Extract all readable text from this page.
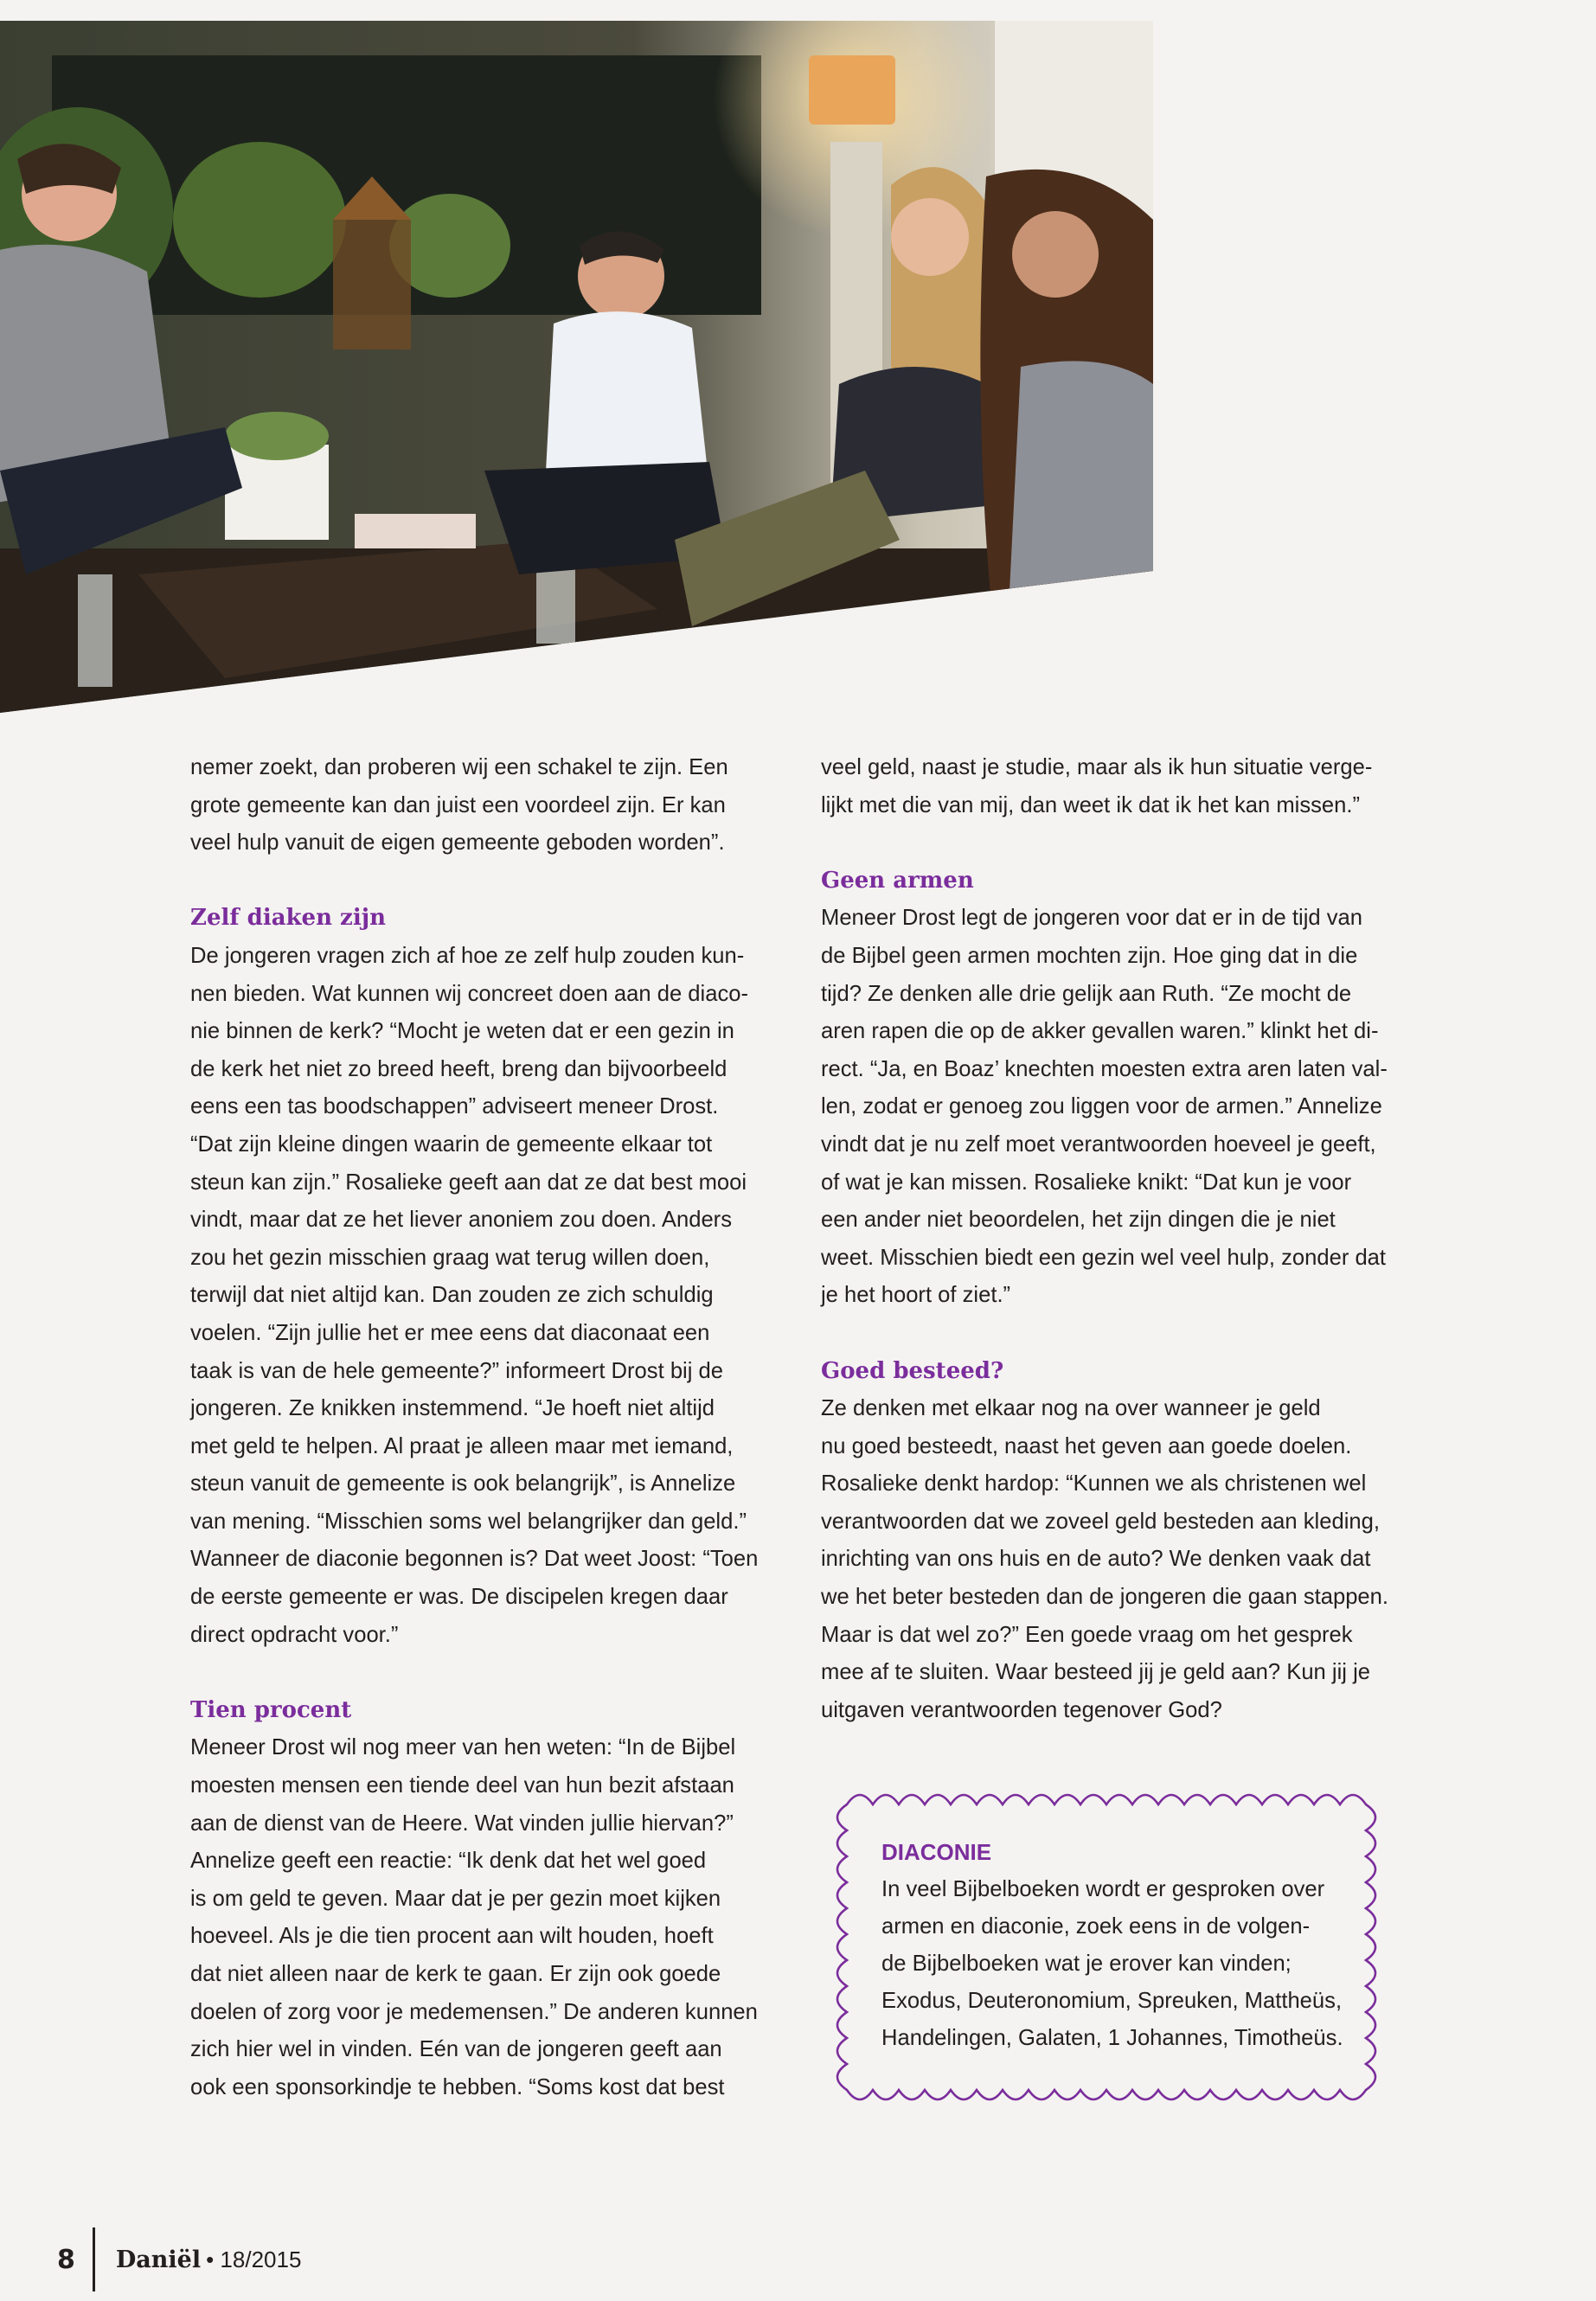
nemer zoekt, dan proberen wij een schakel te zijn. Een

grote gemeente kan dan juist een voordeel zijn. Er kan

veel hulp vanuit de eigen gemeente geboden worden”.

Zelf diaken zijn

De jongeren vragen zich af hoe ze zelf hulp zouden kun-

nen bieden. Wat kunnen wij concreet doen aan de diaco-

nie binnen de kerk? “Mocht je weten dat er een gezin in

de kerk het niet zo breed heeft, breng dan bijvoorbeeld

eens een tas boodschappen” adviseert meneer Drost.

“Dat zijn kleine dingen waarin de gemeente elkaar tot

steun kan zijn.” Rosalieke geeft aan dat ze dat best mooi

vindt, maar dat ze het liever anoniem zou doen. Anders

zou het gezin misschien graag wat terug willen doen,

terwijl dat niet altijd kan. Dan zouden ze zich schuldig

voelen. “Zijn jullie het er mee eens dat diaconaat een

taak is van de hele gemeente?” informeert Drost bij de

jongeren. Ze knikken instemmend. “Je hoeft niet altijd

met geld te helpen. Al praat je alleen maar met iemand,

steun vanuit de gemeente is ook belangrijk”, is Annelize

van mening. “Misschien soms wel belangrijker dan geld.”

Wanneer de diaconie begonnen is? Dat weet Joost: “Toen

de eerste gemeente er was. De discipelen kregen daar

direct opdracht voor.”

Tien procent

Meneer Drost wil nog meer van hen weten: “In de Bijbel

moesten mensen een tiende deel van hun bezit afstaan

aan de dienst van de Heere. Wat vinden jullie hiervan?”

Annelize geeft een reactie: “Ik denk dat het wel goed

is om geld te geven. Maar dat je per gezin moet kijken

hoeveel. Als je die tien procent aan wilt houden, hoeft

dat niet alleen naar de kerk te gaan. Er zijn ook goede

doelen of zorg voor je medemensen.” De anderen kunnen

zich hier wel in vinden. Eén van de jongeren geeft aan

ook een sponsorkindje te hebben. “Soms kost dat best

veel geld, naast je studie, maar als ik hun situatie verge-

lijkt met die van mij, dan weet ik dat ik het kan missen.”

Geen armen

Meneer Drost legt de jongeren voor dat er in de tijd van

de Bijbel geen armen mochten zijn. Hoe ging dat in die

tijd? Ze denken alle drie gelijk aan Ruth. “Ze mocht de

aren rapen die op de akker gevallen waren.” klinkt het di-

rect. “Ja, en Boaz’ knechten moesten extra aren laten val-

len, zodat er genoeg zou liggen voor de armen.” Annelize

vindt dat je nu zelf moet verantwoorden hoeveel je geeft,

of wat je kan missen. Rosalieke knikt: “Dat kun je voor

een ander niet beoordelen, het zijn dingen die je niet

weet. Misschien biedt een gezin wel veel hulp, zonder dat

je het hoort of ziet.”

Goed besteed?

Ze denken met elkaar nog na over wanneer je geld

nu goed besteedt, naast het geven aan goede doelen.

Rosalieke denkt hardop: “Kunnen we als christenen wel

verantwoorden dat we zoveel geld besteden aan kleding,

inrichting van ons huis en de auto? We denken vaak dat

we het beter besteden dan de jongeren die gaan stappen.

Maar is dat wel zo?” Een goede vraag om het gesprek

mee af te sluiten. Waar besteed jij je geld aan? Kun jij je

uitgaven verantwoorden tegenover God?

DIACONIE

In veel Bijbelboeken wordt er gesproken over

armen en diaconie, zoek eens in de volgen-

de Bijbelboeken wat je erover kan vinden;

Exodus, Deuteronomium, Spreuken, Mattheüs,

Handelingen, Galaten, 1 Johannes, Timotheüs.

8 Daniël • 18/2015
